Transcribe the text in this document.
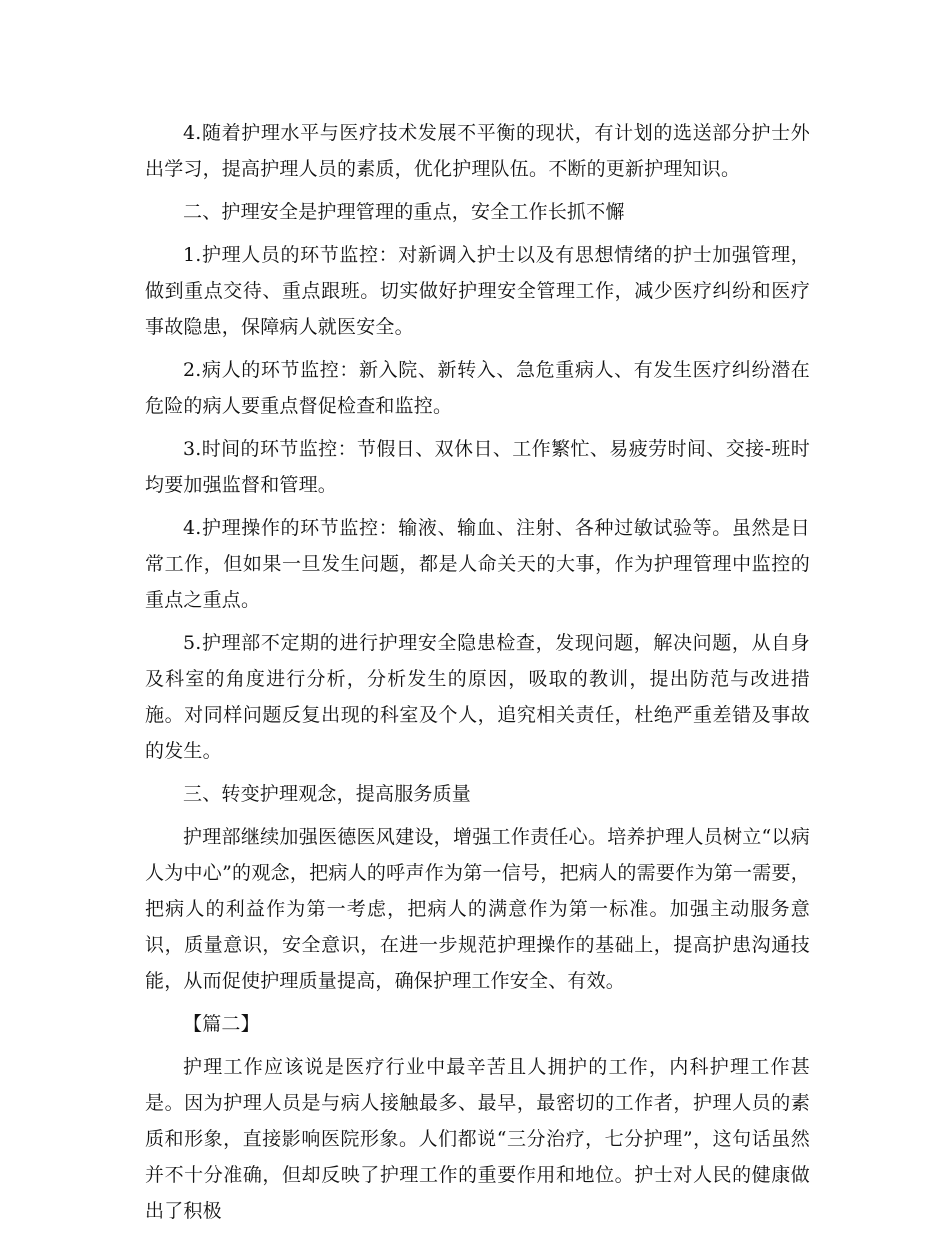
4.随着护理水平与医疗技术发展不平衡的现状，有计划的选送部分护士外出学习，提高护理人员的素质，优化护理队伍。不断的更新护理知识。

二、护理安全是护理管理的重点，安全工作长抓不懈

1.护理人员的环节监控：对新调入护士以及有思想情绪的护士加强管理，做到重点交待、重点跟班。切实做好护理安全管理工作，减少医疗纠纷和医疗事故隐患，保障病人就医安全。

2.病人的环节监控：新入院、新转入、急危重病人、有发生医疗纠纷潜在危险的病人要重点督促检查和监控。

3.时间的环节监控：节假日、双休日、工作繁忙、易疲劳时间、交接-班时均要加强监督和管理。

4.护理操作的环节监控：输液、输血、注射、各种过敏试验等。虽然是日常工作，但如果一旦发生问题，都是人命关天的大事，作为护理管理中监控的重点之重点。

5.护理部不定期的进行护理安全隐患检查，发现问题，解决问题，从自身及科室的角度进行分析，分析发生的原因，吸取的教训，提出防范与改进措施。对同样问题反复出现的科室及个人，追究相关责任，杜绝严重差错及事故的发生。

三、转变护理观念，提高服务质量

护理部继续加强医德医风建设，增强工作责任心。培养护理人员树立“以病人为中心”的观念，把病人的呼声作为第一信号，把病人的需要作为第一需要，把病人的利益作为第一考虑，把病人的满意作为第一标准。加强主动服务意识，质量意识，安全意识，在进一步规范护理操作的基础上，提高护患沟通技能，从而促使护理质量提高，确保护理工作安全、有效。

【篇二】

护理工作应该说是医疗行业中最辛苦且人拥护的工作，内科护理工作甚是。因为护理人员是与病人接触最多、最早，最密切的工作者，护理人员的素质和形象，直接影响医院形象。人们都说“三分治疗，七分护理”，这句话虽然并不十分准确，但却反映了护理工作的重要作用和地位。护士对人民的健康做出了积极
